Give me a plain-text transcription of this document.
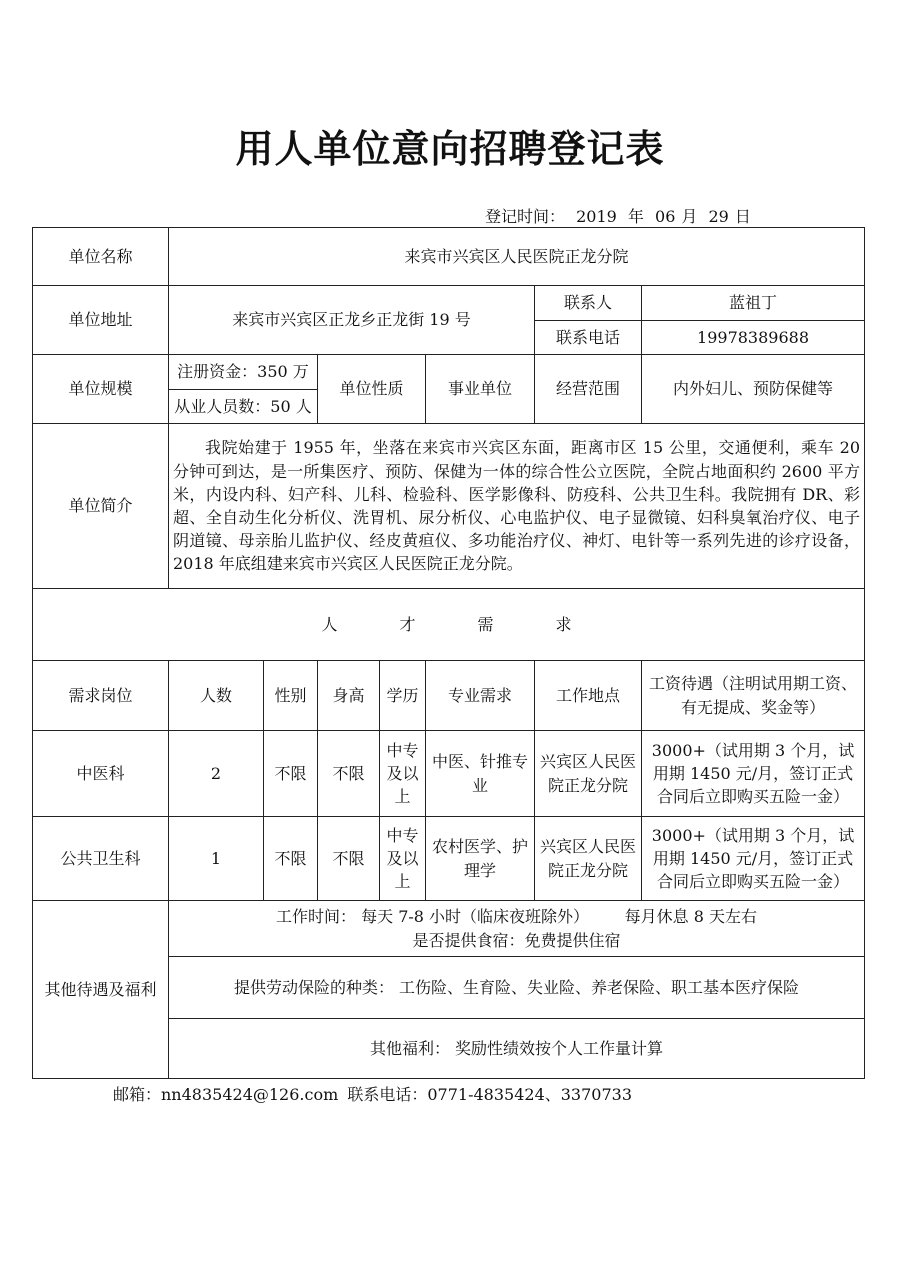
用人单位意向招聘登记表
登记时间： 2019 年 06 月 29 日
单位名称	来宾市兴宾区人民医院正龙分院						
单位地址	来宾市兴宾区正龙乡正龙街 19 号					联系人	蓝祖丁
						联系电话	19978389688
单位规模	注册资金：350 万		单位性质		事业单位	经营范围	内外妇儿、预防保健等
	从业人员数：50 人						
单位简介	我院始建于 1955 年，坐落在来宾市兴宾区东面，距离市区 15 公里，交通便利，乘车 20 分钟可到达，是一所集医疗、预防、保健为一体的综合性公立医院，全院占地面积约 2600 平方米，内设内科、妇产科、儿科、检验科、医学影像科、防疫科、公共卫生科。我院拥有 DR、彩超、全自动生化分析仪、洗胃机、尿分析仪、心电监护仪、电子显微镜、妇科臭氧治疗仪、电子阴道镜、母亲胎儿监护仪、经皮黄疸仪、多功能治疗仪、神灯、电针等一系列先进的诊疗设备，2018 年底组建来宾市兴宾区人民医院正龙分院。						

人 才 需 求							

需求岗位	人数	性别	身高	学历	专业需求	工作地点	工资待遇（注明试用期工资、有无提成、奖金等）
中医科	2	不限	不限	中专及以上	中医、针推专业	兴宾区人民医院正龙分院	3000+（试用期 3 个月，试用期 1450 元/月，签订正式合同后立即购买五险一金）
公共卫生科	1	不限	不限	中专及以上	农村医学、护理学	兴宾区人民医院正龙分院	3000+（试用期 3 个月，试用期 1450 元/月，签订正式合同后立即购买五险一金）
其他待遇及福利	工作时间： 每天 7-8 小时（临床夜班除外） 每月休息 8 天左右
是否提供食宿：免费提供住宿						

	提供劳动保险的种类： 工伤险、生育险、失业险、养老保险、职工基本医疗保险						
	其他福利： 奖励性绩效按个人工作量计算						
邮箱：nn4835424@126.com 联系电话：0771-4835424、3370733
